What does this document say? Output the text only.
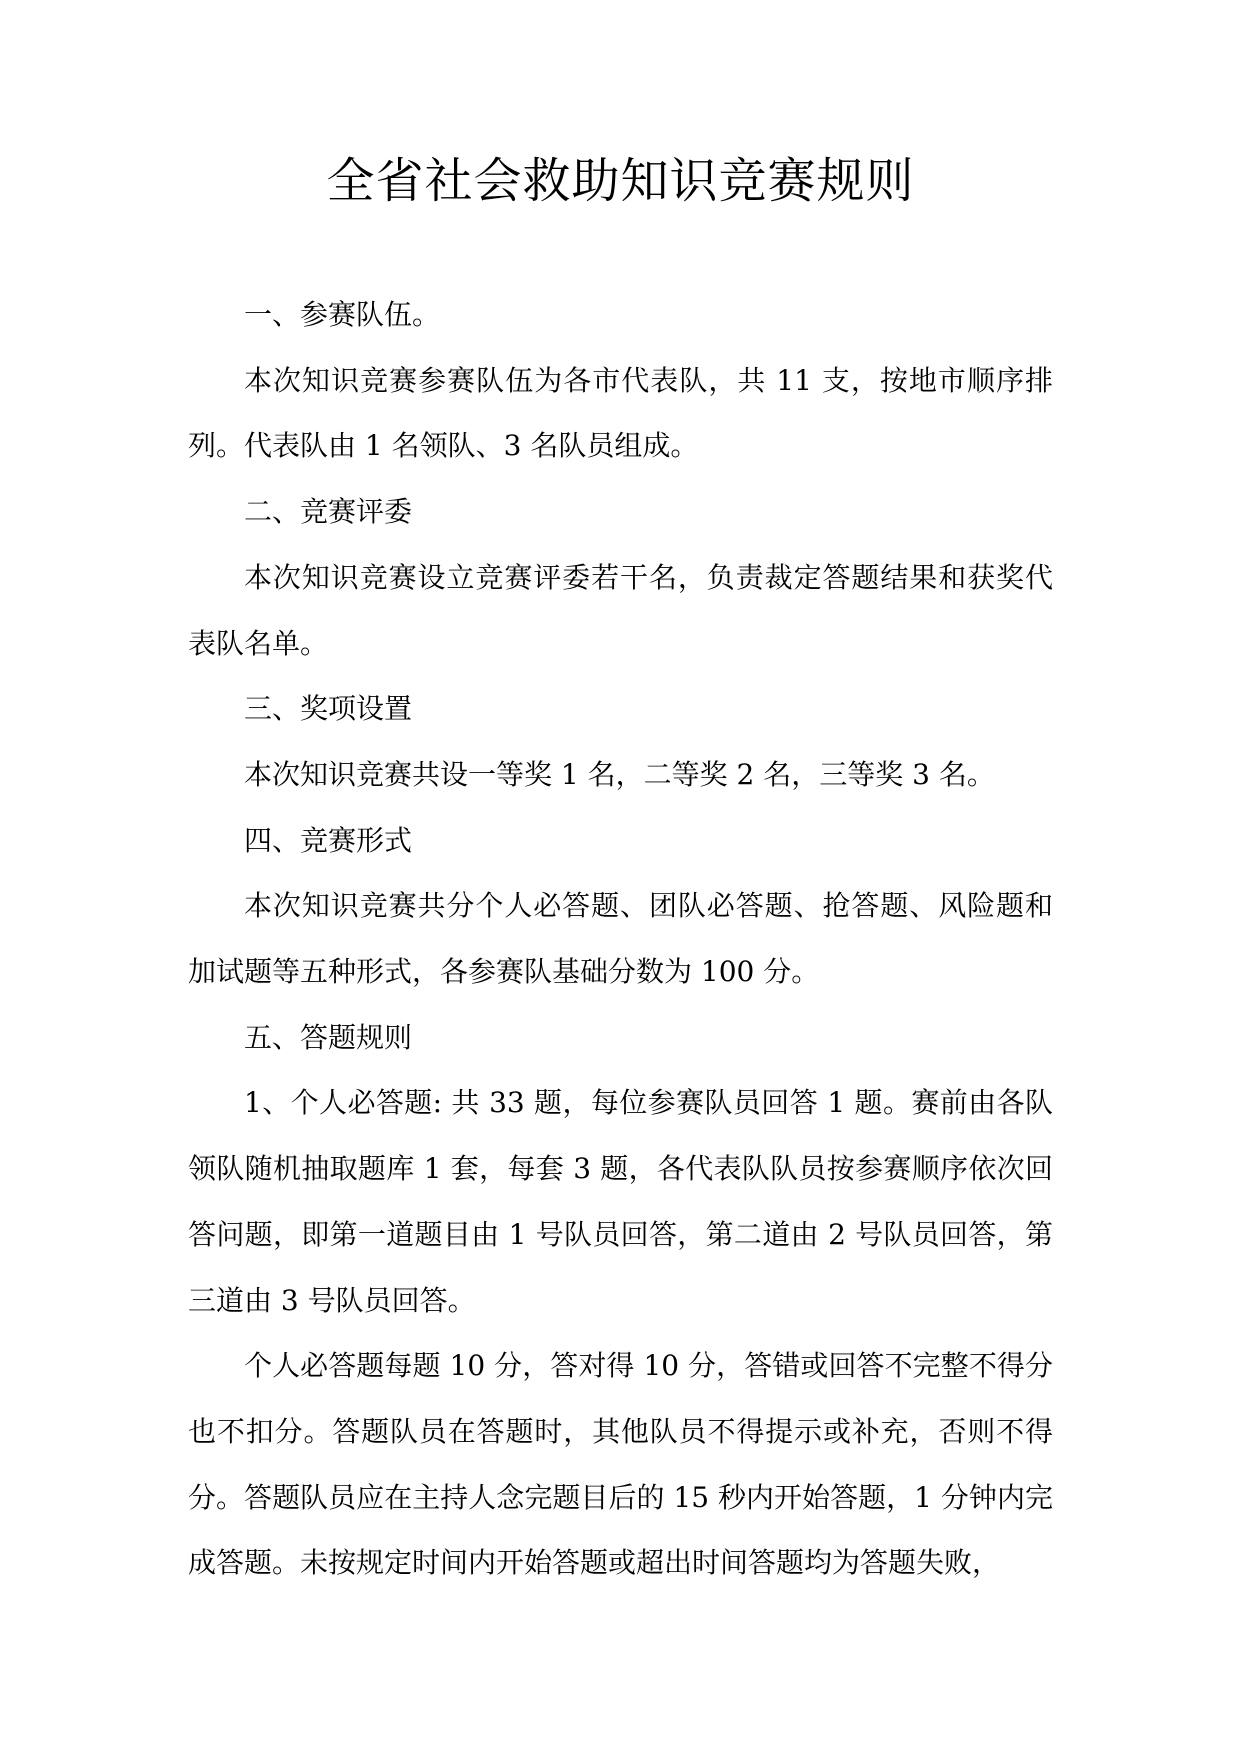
全省社会救助知识竞赛规则

一、参赛队伍。

本次知识竞赛参赛队伍为各市代表队，共 11 支，按地市顺序排列。代表队由 1 名领队、3 名队员组成。

二、竞赛评委

本次知识竞赛设立竞赛评委若干名，负责裁定答题结果和获奖代表队名单。

三、奖项设置

本次知识竞赛共设一等奖 1 名，二等奖 2 名，三等奖 3 名。

四、竞赛形式

本次知识竞赛共分个人必答题、团队必答题、抢答题、风险题和加试题等五种形式，各参赛队基础分数为 100 分。

五、答题规则

1、个人必答题: 共 33 题，每位参赛队员回答 1 题。赛前由各队领队随机抽取题库 1 套，每套 3 题，各代表队队员按参赛顺序依次回答问题，即第一道题目由 1 号队员回答，第二道由 2 号队员回答，第三道由 3 号队员回答。

个人必答题每题 10 分，答对得 10 分，答错或回答不完整不得分也不扣分。答题队员在答题时，其他队员不得提示或补充，否则不得分。答题队员应在主持人念完题目后的 15 秒内开始答题，1 分钟内完成答题。未按规定时间内开始答题或超出时间答题均为答题失败，
